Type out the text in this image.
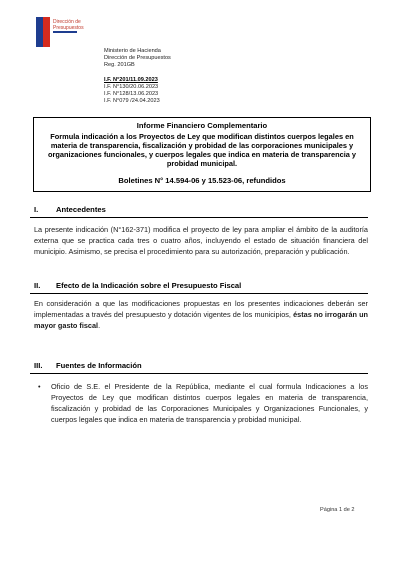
Dirección de
Presupuestos
Ministerio de Hacienda
Dirección de Presupuestos
Reg. 201GB
I.F. N°201/11.09.2023
I.F. N°130/20.06.2023
I.F. N°128/13.06.2023
I.F. N°079 /24.04.2023
Informe Financiero Complementario
Formula indicación a los Proyectos de Ley que modifican distintos cuerpos legales en materia de transparencia, fiscalización y probidad de las corporaciones municipales y organizaciones funcionales, y cuerpos legales que indica en materia de transparencia y probidad municipal.
Boletines N° 14.594-06 y 15.523-06, refundidos
I. Antecedentes
La presente indicación (N°162-371) modifica el proyecto de ley para ampliar el ámbito de la auditoría externa que se practica cada tres o cuatro años, incluyendo el estado de situación financiera del municipio. Asimismo, se precisa el procedimiento para su autorización, preparación y publicación.
II. Efecto de la Indicación sobre el Presupuesto Fiscal
En consideración a que las modificaciones propuestas en los presentes indicaciones deberán ser implementadas a través del presupuesto y dotación vigentes de los municipios, éstas no irrogarán un mayor gasto fiscal.
III. Fuentes de Información
•	Oficio de S.E. el Presidente de la República, mediante el cual formula Indicaciones a los Proyectos de Ley que modifican distintos cuerpos legales en materia de transparencia, fiscalización y probidad de las Corporaciones Municipales y Organizaciones Funcionales, y cuerpos legales que indica en materia de transparencia y probidad municipal.
Página 1 de 2
